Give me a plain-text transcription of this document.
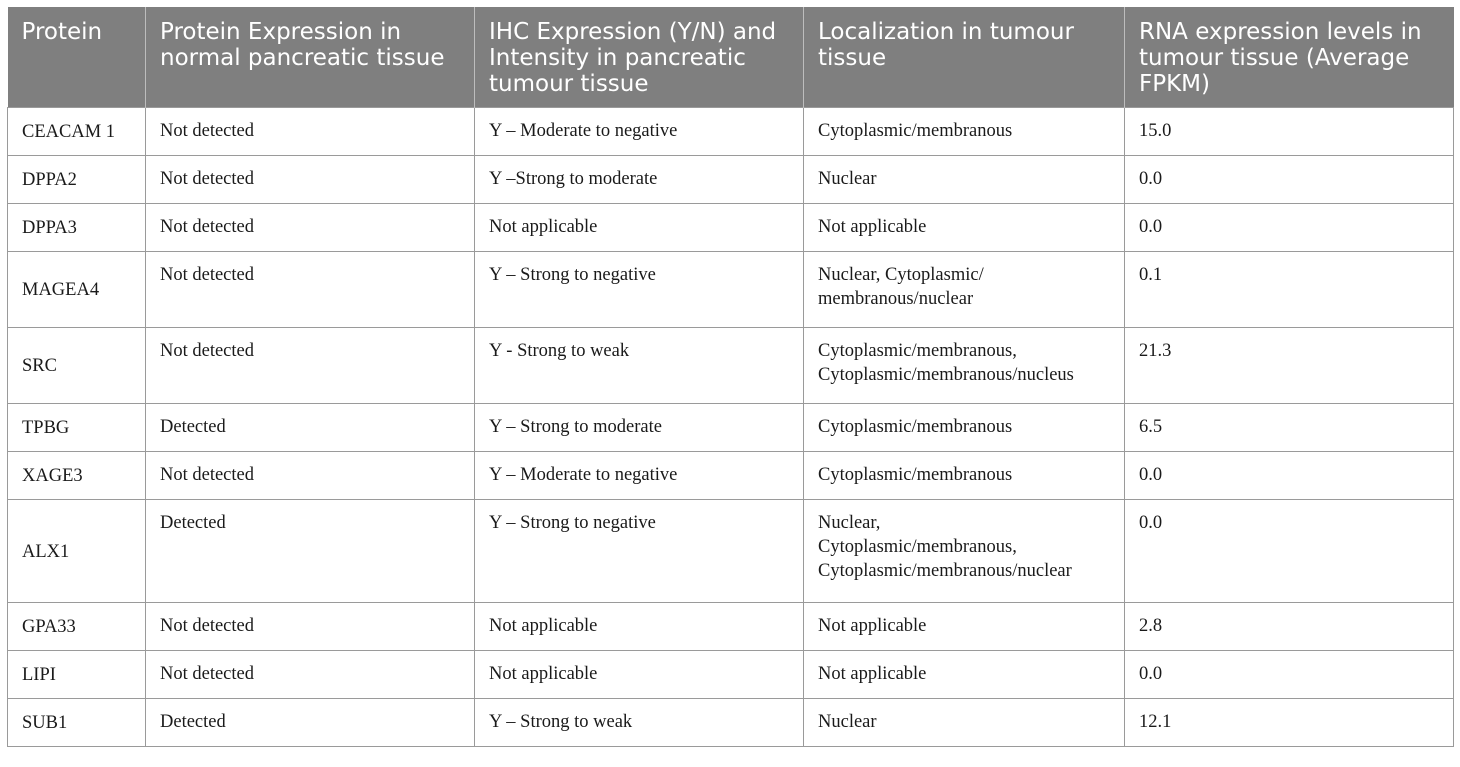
Protein	Protein Expression in normal pancreatic tissue	IHC Expression (Y/N) and Intensity in pancreatic tumour tissue	Localization in tumour tissue	RNA expression levels in tumour tissue (Average FPKM)
CEACAM 1	Not detected	Y – Moderate to negative	Cytoplasmic/membranous	15.0
DPPA2	Not detected	Y –Strong to moderate	Nuclear	0.0
DPPA3	Not detected	Not applicable	Not applicable	0.0
MAGEA4	Not detected	Y – Strong to negative	Nuclear, Cytoplasmic/
membranous/nuclear	0.1
SRC	Not detected	Y - Strong to weak	Cytoplasmic/membranous,
Cytoplasmic/membranous/nucleus	21.3
TPBG	Detected	Y – Strong to moderate	Cytoplasmic/membranous	6.5
XAGE3	Not detected	Y – Moderate to negative	Cytoplasmic/membranous	0.0
ALX1	Detected	Y – Strong to negative	Nuclear,
Cytoplasmic/membranous,
Cytoplasmic/membranous/nuclear	0.0
GPA33	Not detected	Not applicable	Not applicable	2.8
LIPI	Not detected	Not applicable	Not applicable	0.0
SUB1	Detected	Y – Strong to weak	Nuclear	12.1
